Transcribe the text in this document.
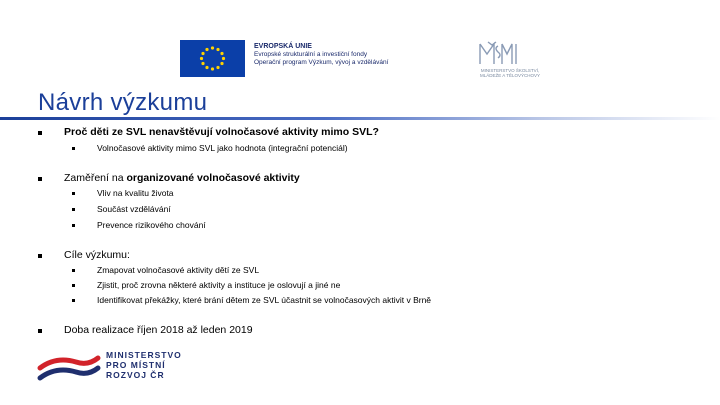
EVROPSKÁ UNIE
Evropské strukturální a investiční fondy
Operační program Výzkum, vývoj a vzdělávání
MINISTERSTVO ŠKOLSTVÍ,
MLÁDEŽE A TĚLOVÝCHOVY
Návrh výzkumu
Proč děti ze SVL nenavštěvují volnočasové aktivity mimo SVL?
Volnočasové aktivity mimo SVL jako hodnota (integrační potenciál)
Zaměření na organizované volnočasové aktivity
Vliv na kvalitu života
Součást vzdělávání
Prevence rizikového chování
Cíle výzkumu:
Zmapovat volnočasové aktivity dětí ze SVL
Zjistit, proč zrovna některé aktivity a instituce je oslovují a jiné ne
Identifikovat překážky, které brání dětem ze SVL účastnit se volnočasových aktivit v Brně
Doba realizace říjen 2018 až leden 2019
MINISTERSTVO
PRO MÍSTNÍ
ROZVOJ ČR
